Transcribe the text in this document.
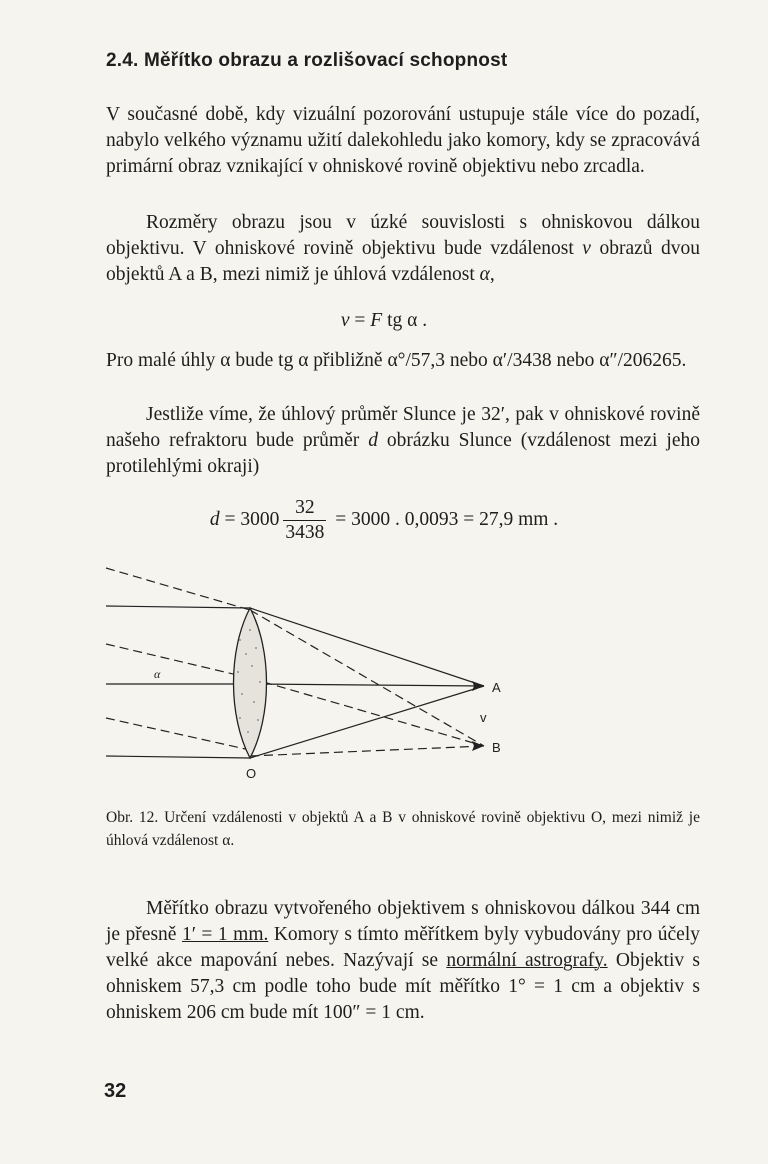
2.4. Měřítko obrazu a rozlišovací schopnost

V současné době, kdy vizuální pozorování ustupuje stále více do pozadí, nabylo velkého významu užití dalekohledu jako komory, kdy se zpracovává primární obraz vznikající v ohniskové rovině objektivu nebo zrcadla.

Rozměry obrazu jsou v úzké souvislosti s ohniskovou dálkou objektivu. V ohniskové rovině objektivu bude vzdálenost v obrazů dvou objektů A a B, mezi nimiž je úhlová vzdálenost α,

v = F tg α .

Pro malé úhly α bude tg α přibližně α°/57,3 nebo α′/3438 nebo α″/206265.

Jestliže víme, že úhlový průměr Slunce je 32′, pak v ohniskové rovině našeho refraktoru bude průměr d obrázku Slunce (vzdálenost mezi jeho protilehlými okraji)

$d = 3000 \frac{32}{3438} = 3000$ . 0,0093 = 27,9 mm .

α
A
B
v
O

Obr. 12. Určení vzdálenosti v objektů A a B v ohniskové rovině objektivu O, mezi nimiž je úhlová vzdálenost α.

Měřítko obrazu vytvořeného objektivem s ohniskovou dálkou 344 cm je přesně 1′ = 1 mm. Komory s tímto měřítkem byly vybudovány pro účely velké akce mapování nebes. Nazývají se normální astrografy. Objektiv s ohniskem 57,3 cm podle toho bude mít měřítko 1° = 1 cm a objektiv s ohniskem 206 cm bude mít 100″ = 1 cm.

32
